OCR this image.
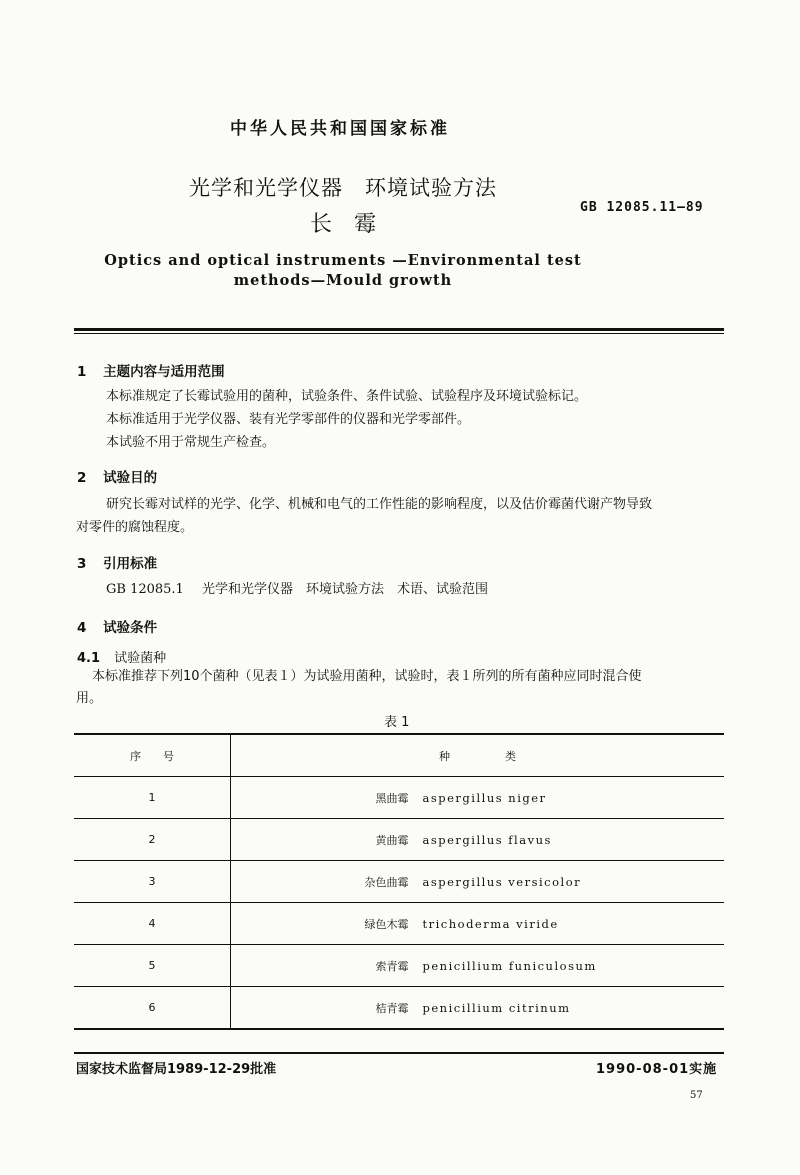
中华人民共和国国家标准
光学和光学仪器　环境试验方法
长　霉
GB 12085.11—89
Optics and optical instruments —Environmental test
methods—Mould growth
1 主题内容与适用范围
本标准规定了长霉试验用的菌种，试验条件、条件试验、试验程序及环境试验标记。
本标准适用于光学仪器、装有光学零部件的仪器和光学零部件。
本试验不用于常规生产检查。
2 试验目的
研究长霉对试样的光学、化学、机械和电气的工作性能的影响程度，以及估价霉菌代谢产物导致
对零件的腐蚀程度。
3 引用标准
GB 12085.1 光学和光学仪器　环境试验方法　术语、试验范围
4 试验条件
4.1 试验菌种
本标准推荐下列10个菌种（见表１）为试验用菌种，试验时，表１所列的所有菌种应同时混合使
用。
表 1
序　　号	种　　　　　类
1	黑曲霉 aspergillus niger
2	黄曲霉 aspergillus flavus
3	杂色曲霉 aspergillus versicolor
4	绿色木霉 trichoderma viride
5	索青霉 penicillium funiculosum
6	桔青霉 penicillium citrinum
国家技术监督局1989-12-29批准	1990-08-01实施
57
